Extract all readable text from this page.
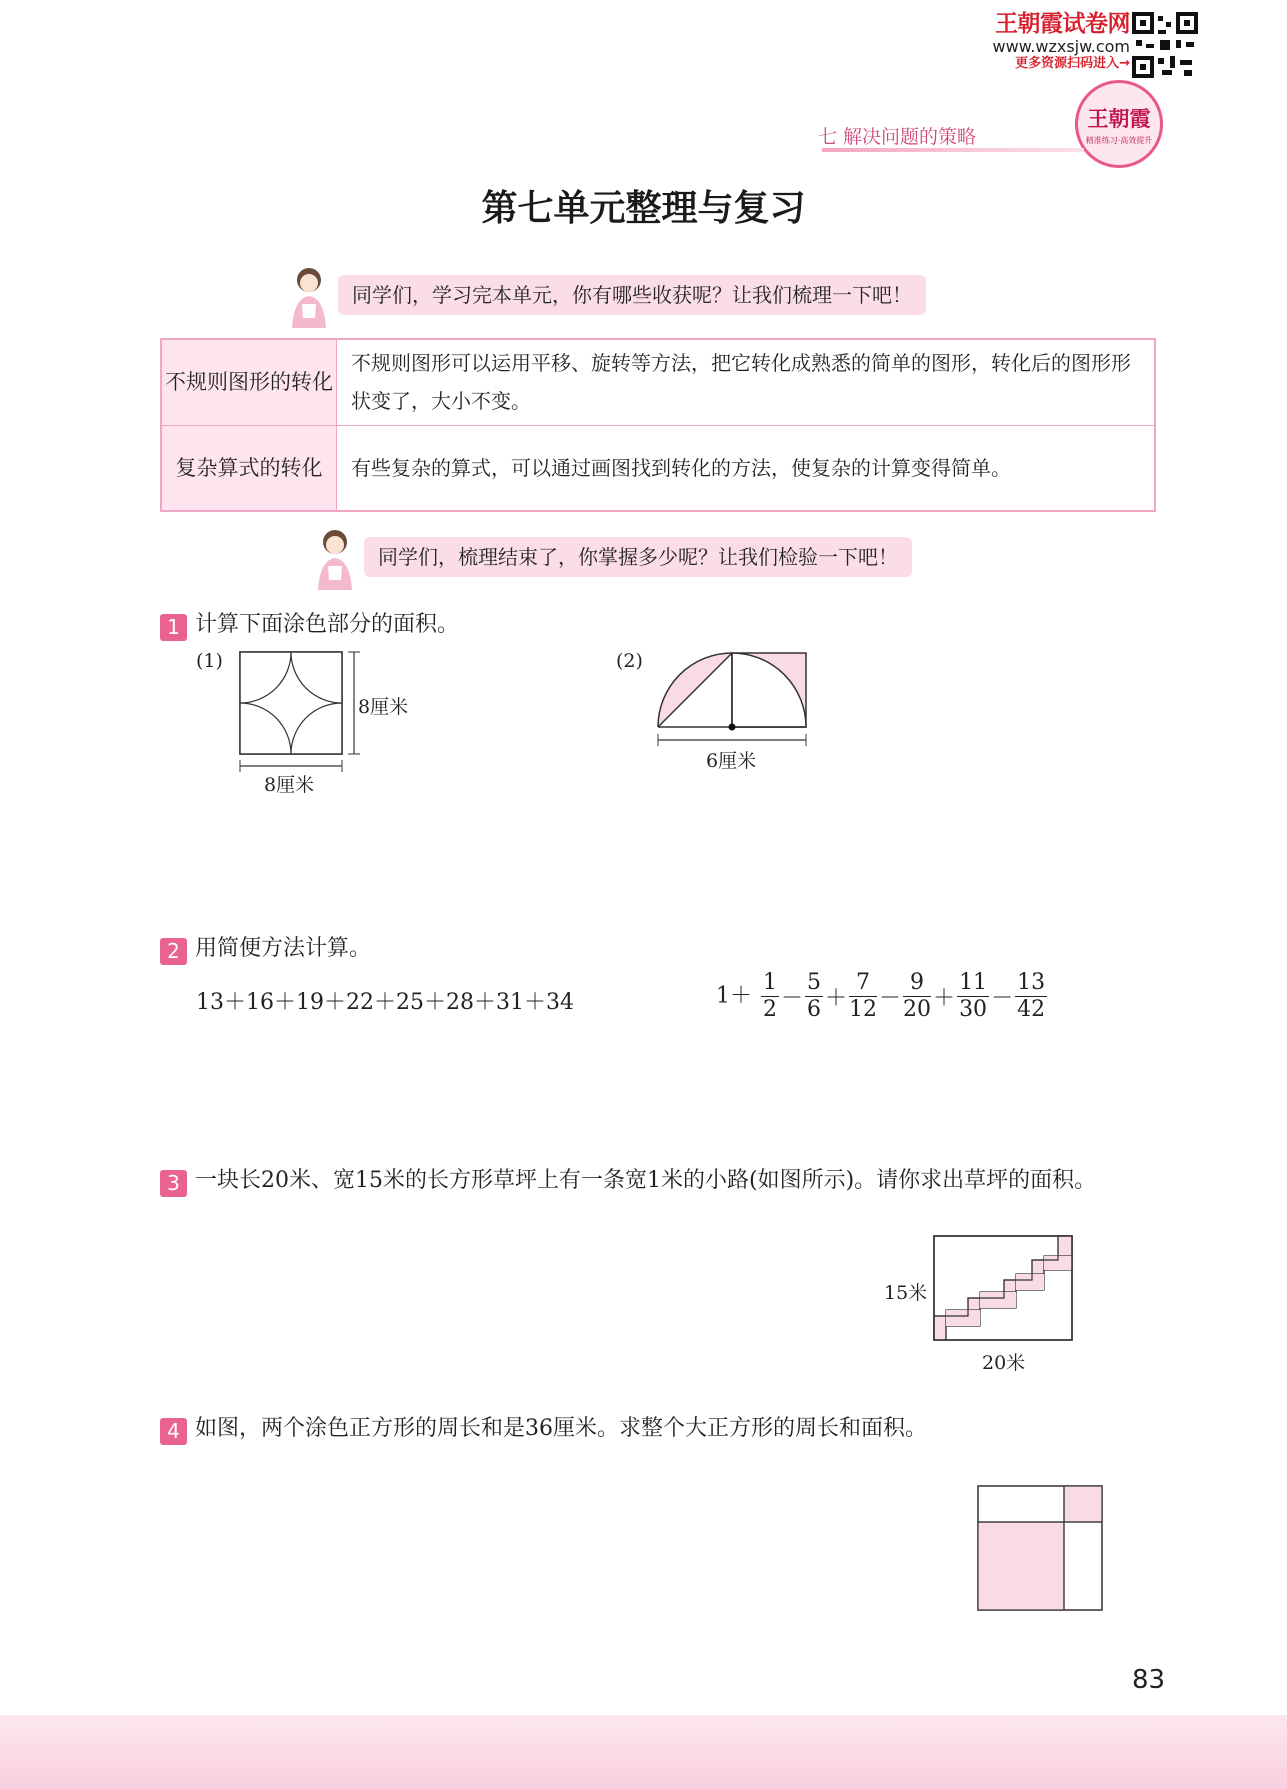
王朝霞试卷网
www.wzxsjw.com
更多资源扫码进入→
王朝霞
精准练习·高效提升
七 解决问题的策略
第七单元整理与复习
同学们，学习完本单元，你有哪些收获呢？让我们梳理一下吧！
不规则图形的转化	不规则图形可以运用平移、旋转等方法，把它转化成熟悉的简单的图形，转化后的图形形状变了，大小不变。
复杂算式的转化	有些复杂的算式，可以通过画图找到转化的方法，使复杂的计算变得简单。
同学们，梳理结束了，你掌握多少呢？让我们检验一下吧！
1 计算下面涂色部分的面积。
(1)
8厘米
8厘米
(2)
6厘米
2 用简便方法计算。
13＋16＋19＋22＋25＋28＋31＋34	$1+ \frac{1}{2} - \frac{5}{6} + \frac{7}{12} - \frac{9}{20} + \frac{11}{30} - \frac{13}{42}$
3 一块长20米、宽15米的长方形草坪上有一条宽1米的小路(如图所示)。请你求出草坪的面积。
15米
20米
4 如图，两个涂色正方形的周长和是36厘米。求整个大正方形的周长和面积。
83
